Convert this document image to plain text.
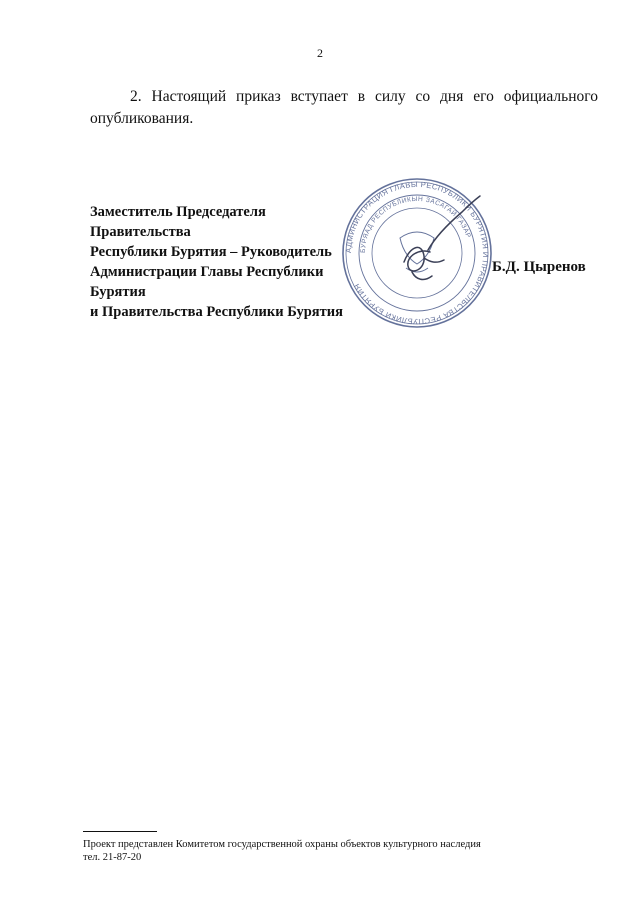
2
2. Настоящий приказ вступает в силу со дня его официального
опубликования.
Заместитель Председателя Правительства
Республики Бурятия – Руководитель
Администрации Главы Республики Бурятия
и Правительства Республики Бурятия
АДМИНИСТРАЦИЯ ГЛАВЫ РЕСПУБЛИКИ БУРЯТИЯ И ПРАВИТЕЛЬСТВА РЕСПУБЛИКИ БУРЯТИЯ
БУРЯАД РЕСПУБЛИКЫН ЗАСАГАЙ ГАЗАР
Б.Д. Цыренов
Проект представлен Комитетом государственной охраны объектов культурного наследия
тел. 21-87-20
